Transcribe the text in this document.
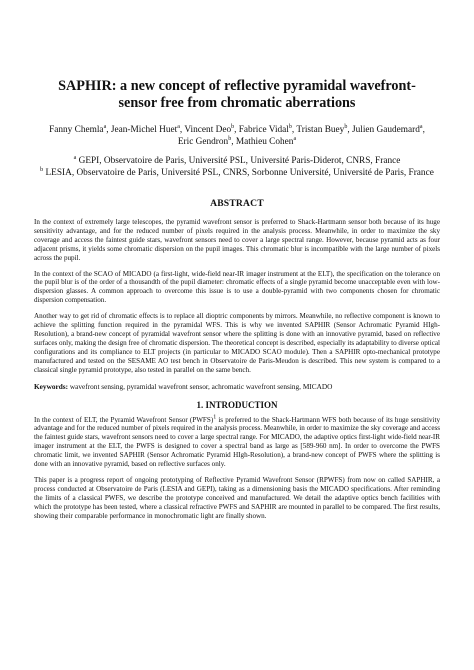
SAPHIR: a new concept of reflective pyramidal wavefront-sensor free from chromatic aberrations
Fanny Chemla$^a$, Jean-Michel Huet$^a$, Vincent Deo$^b$, Fabrice Vidal$^b$, Tristan Buey$^b$, Julien Gaudemard$^a$, Eric Gendron$^b$, Mathieu Cohen$^a$
$^a$ GEPI, Observatoire de Paris, Université PSL, Université Paris-Diderot, CNRS, France
$^b$ LESIA, Observatoire de Paris, Université PSL, CNRS, Sorbonne Université, Université de Paris, France
ABSTRACT

In the context of extremely large telescopes, the pyramid wavefront sensor is preferred to Shack-Hartmann sensor both because of its huge sensitivity advantage, and for the reduced number of pixels required in the analysis process. Meanwhile, in order to maximize the sky coverage and access the faintest guide stars, wavefront sensors need to cover a large spectral range. However, because pyramid acts as four adjacent prisms, it yields some chromatic dispersion on the pupil images. This chromatic blur is incompatible with the large number of pixels across the pupil.

In the context of the SCAO of MICADO (a first-light, wide-field near-IR imager instrument at the ELT), the specification on the tolerance on the pupil blur is of the order of a thousandth of the pupil diameter: chromatic effects of a single pyramid become unacceptable even with low-dispersion glasses. A common approach to overcome this issue is to use a double-pyramid with two components chosen for chromatic dispersion compensation.

Another way to get rid of chromatic effects is to replace all dioptric components by mirrors. Meanwhile, no reflective component is known to achieve the splitting function required in the pyramidal WFS. This is why we invented SAPHIR (Sensor Achromatic Pyramid HIgh-Resolution), a brand-new concept of pyramidal wavefront sensor where the splitting is done with an innovative pyramid, based on reflective surfaces only, making the design free of chromatic dispersion. The theoretical concept is described, especially its adaptability to diverse optical configurations and its compliance to ELT projects (in particular to MICADO SCAO module). Then a SAPHIR opto-mechanical prototype manufactured and tested on the SESAME AO test bench in Observatoire de Paris-Meudon is described. This new system is compared to a classical single pyramid prototype, also tested in parallel on the same bench.

Keywords: wavefront sensing, pyramidal wavefront sensor, achromatic wavefront sensing, MICADO
1. INTRODUCTION

In the context of ELT, the Pyramid Wavefront Sensor (PWFS)$^1$ is preferred to the Shack-Hartmann WFS both because of its huge sensitivity advantage and for the reduced number of pixels required in the analysis process. Meanwhile, in order to maximize the sky coverage and access the faintest guide stars, wavefront sensors need to cover a large spectral range. For MICADO, the adaptive optics first-light wide-field near-IR imager instrument at the ELT, the PWFS is designed to cover a spectral band as large as [589-960 nm]. In order to overcome the PWFS chromatic limit, we invented SAPHIR (Sensor Achromatic Pyramid HIgh-Resolution), a brand-new concept of PWFS where the splitting is done with an innovative pyramid, based on reflective surfaces only.

This paper is a progress report of ongoing prototyping of Reflective Pyramid Wavefront Sensor (RPWFS) from now on called SAPHIR, a process conducted at Observatoire de Paris (LESIA and GEPI), taking as a dimensioning basis the MICADO specifications. After reminding the limits of a classical PWFS, we describe the prototype conceived and manufactured. We detail the adaptive optics bench facilities with which the prototype has been tested, where a classical refractive PWFS and SAPHIR are mounted in parallel to be compared. The first results, showing their comparable performance in monochromatic light are finally shown.
